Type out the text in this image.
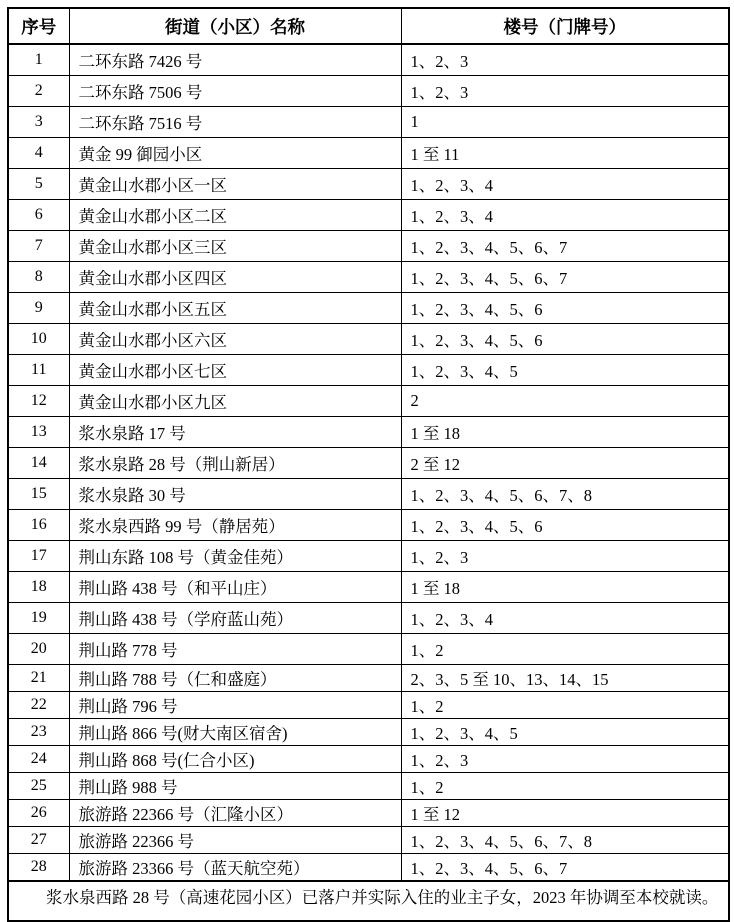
序号	街道（小区）名称	楼号（门牌号）
1	二环东路 7426 号	1、2、3
2	二环东路 7506 号	1、2、3
3	二环东路 7516 号	1
4	黄金 99 御园小区	1 至 11
5	黄金山水郡小区一区	1、2、3、4
6	黄金山水郡小区二区	1、2、3、4
7	黄金山水郡小区三区	1、2、3、4、5、6、7
8	黄金山水郡小区四区	1、2、3、4、5、6、7
9	黄金山水郡小区五区	1、2、3、4、5、6
10	黄金山水郡小区六区	1、2、3、4、5、6
11	黄金山水郡小区七区	1、2、3、4、5
12	黄金山水郡小区九区	2
13	浆水泉路 17 号	1 至 18
14	浆水泉路 28 号（荆山新居）	2 至 12
15	浆水泉路 30 号	1、2、3、4、5、6、7、8
16	浆水泉西路 99 号（静居苑）	1、2、3、4、5、6
17	荆山东路 108 号（黄金佳苑）	1、2、3
18	荆山路 438 号（和平山庄）	1 至 18
19	荆山路 438 号（学府蓝山苑）	1、2、3、4
20	荆山路 778 号	1、2
21	荆山路 788 号（仁和盛庭）	2、3、5 至 10、13、14、15
22	荆山路 796 号	1、2
23	荆山路 866 号(财大南区宿舍)	1、2、3、4、5
24	荆山路 868 号(仁合小区)	1、2、3
25	荆山路 988 号	1、2
26	旅游路 22366 号（汇隆小区）	1 至 12
27	旅游路 22366 号	1、2、3、4、5、6、7、8
28	旅游路 23366 号（蓝天航空苑）	1、2、3、4、5、6、7

浆水泉西路 28 号（高速花园小区）已落户并实际入住的业主子女，2023 年协调至本校就读。		
